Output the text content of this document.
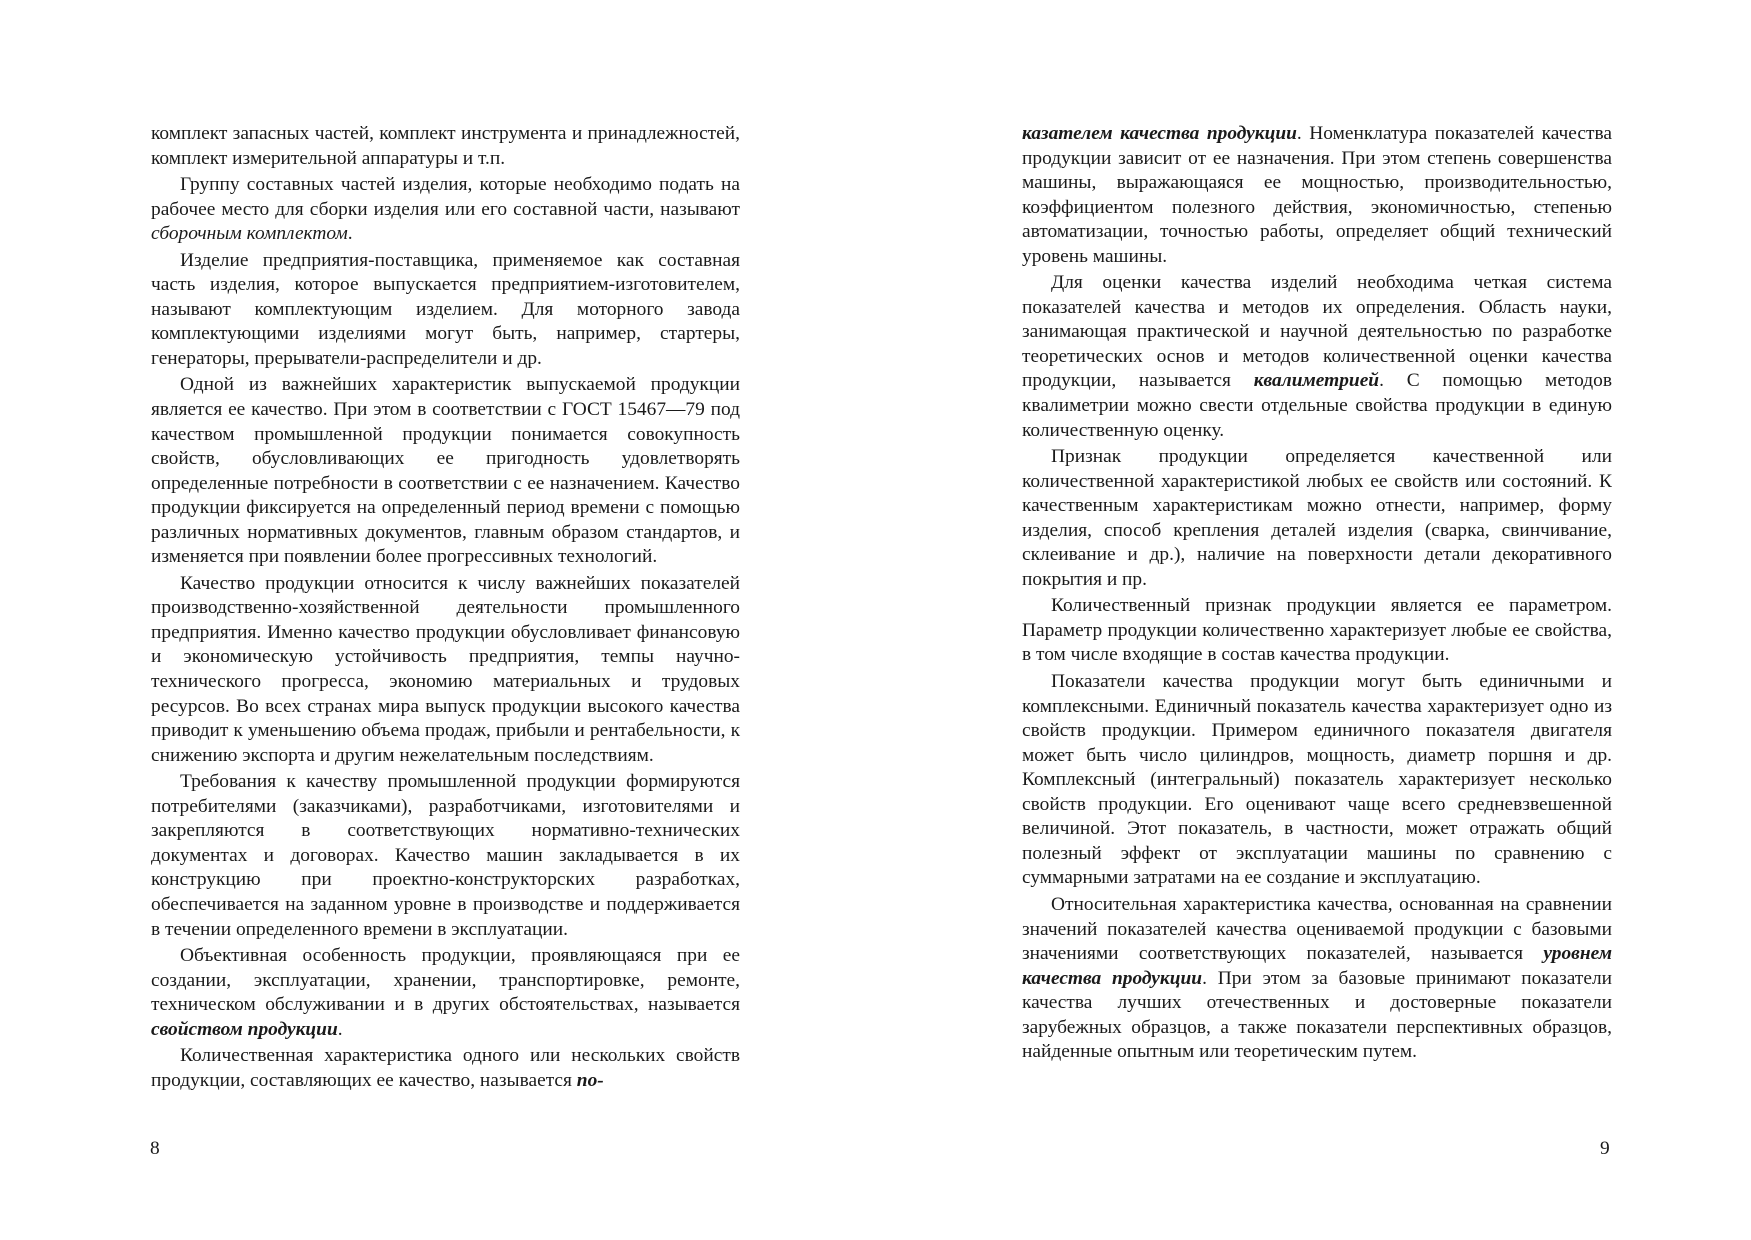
комплект запасных частей, комплект инструмента и принадлежностей, комплект измерительной аппаратуры и т.п.

Группу составных частей изделия, которые необходимо подать на рабочее место для сборки изделия или его составной части, называют сборочным комплектом.

Изделие предприятия-поставщика, применяемое как составная часть изделия, которое выпускается предприятием-изготовителем, называют комплектующим изделием. Для моторного завода комплектующими изделиями могут быть, например, стартеры, генераторы, прерыватели-распределители и др.

Одной из важнейших характеристик выпускаемой продукции является ее качество. При этом в соответствии с ГОСТ 15467—79 под качеством промышленной продукции понимается совокупность свойств, обусловливающих ее пригодность удовлетворять определенные потребности в соответствии с ее назначением. Качество продукции фиксируется на определенный период времени с помощью различных нормативных документов, главным образом стандартов, и изменяется при появлении более прогрессивных технологий.

Качество продукции относится к числу важнейших показателей производственно-хозяйственной деятельности промышленного предприятия. Именно качество продукции обусловливает финансовую и экономическую устойчивость предприятия, темпы научно-технического прогресса, экономию материальных и трудовых ресурсов. Во всех странах мира выпуск продукции высокого качества приводит к уменьшению объема продаж, прибыли и рентабельности, к снижению экспорта и другим нежелательным последствиям.

Требования к качеству промышленной продукции формируются потребителями (заказчиками), разработчиками, изготовителями и закрепляются в соответствующих нормативно-технических документах и договорах. Качество машин закладывается в их конструкцию при проектно-конструкторских разработках, обеспечивается на заданном уровне в производстве и поддерживается в течении определенного времени в эксплуатации.

Объективная особенность продукции, проявляющаяся при ее создании, эксплуатации, хранении, транспортировке, ремонте, техническом обслуживании и в других обстоятельствах, называется свойством продукции.

Количественная характеристика одного или нескольких свойств продукции, составляющих ее качество, называется по-

8

казателем качества продукции. Номенклатура показателей качества продукции зависит от ее назначения. При этом степень совершенства машины, выражающаяся ее мощностью, производительностью, коэффициентом полезного действия, экономичностью, степенью автоматизации, точностью работы, определяет общий технический уровень машины.

Для оценки качества изделий необходима четкая система показателей качества и методов их определения. Область науки, занимающая практической и научной деятельностью по разработке теоретических основ и методов количественной оценки качества продукции, называется квалиметрией. С помощью методов квалиметрии можно свести отдельные свойства продукции в единую количественную оценку.

Признак продукции определяется качественной или количественной характеристикой любых ее свойств или состояний. К качественным характеристикам можно отнести, например, форму изделия, способ крепления деталей изделия (сварка, свинчивание, склеивание и др.), наличие на поверхности детали декоративного покрытия и пр.

Количественный признак продукции является ее параметром. Параметр продукции количественно характеризует любые ее свойства, в том числе входящие в состав качества продукции.

Показатели качества продукции могут быть единичными и комплексными. Единичный показатель качества характеризует одно из свойств продукции. Примером единичного показателя двигателя может быть число цилиндров, мощность, диаметр поршня и др. Комплексный (интегральный) показатель характеризует несколько свойств продукции. Его оценивают чаще всего средневзвешенной величиной. Этот показатель, в частности, может отражать общий полезный эффект от эксплуатации машины по сравнению с суммарными затратами на ее создание и эксплуатацию.

Относительная характеристика качества, основанная на сравнении значений показателей качества оцениваемой продукции с базовыми значениями соответствующих показателей, называется уровнем качества продукции. При этом за базовые принимают показатели качества лучших отечественных и достоверные показатели зарубежных образцов, а также показатели перспективных образцов, найденные опытным или теоретическим путем.

9
